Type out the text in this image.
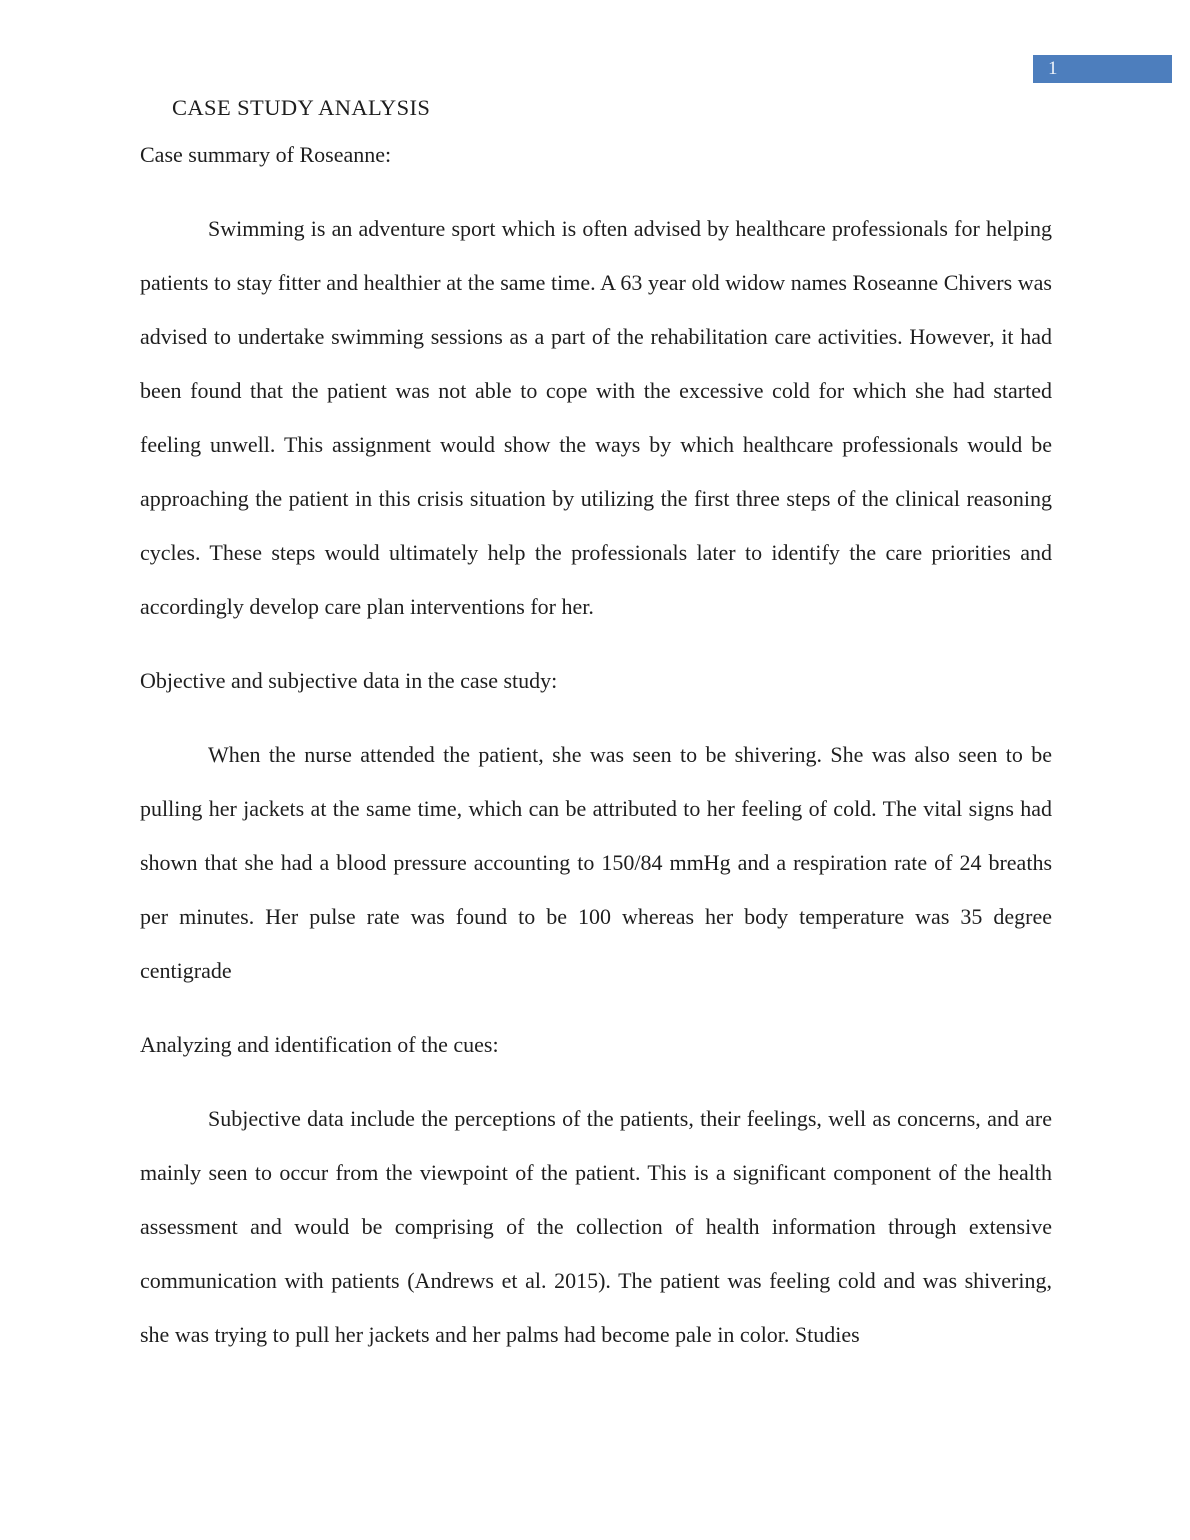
1
CASE STUDY ANALYSIS
Case summary of Roseanne:

Swimming is an adventure sport which is often advised by healthcare professionals for helping patients to stay fitter and healthier at the same time. A 63 year old widow names Roseanne Chivers was advised to undertake swimming sessions as a part of the rehabilitation care activities. However, it had been found that the patient was not able to cope with the excessive cold for which she had started feeling unwell. This assignment would show the ways by which healthcare professionals would be approaching the patient in this crisis situation by utilizing the first three steps of the clinical reasoning cycles. These steps would ultimately help the professionals later to identify the care priorities and accordingly develop care plan interventions for her.

Objective and subjective data in the case study:

When the nurse attended the patient, she was seen to be shivering. She was also seen to be pulling her jackets at the same time, which can be attributed to her feeling of cold. The vital signs had shown that she had a blood pressure accounting to 150/84 mmHg and a respiration rate of 24 breaths per minutes. Her pulse rate was found to be 100 whereas her body temperature was 35 degree centigrade

Analyzing and identification of the cues:

Subjective data include the perceptions of the patients, their feelings, well as concerns, and are mainly seen to occur from the viewpoint of the patient. This is a significant component of the health assessment and would be comprising of the collection of health information through extensive communication with patients (Andrews et al. 2015). The patient was feeling cold and was shivering, she was trying to pull her jackets and her palms had become pale in color. Studies
